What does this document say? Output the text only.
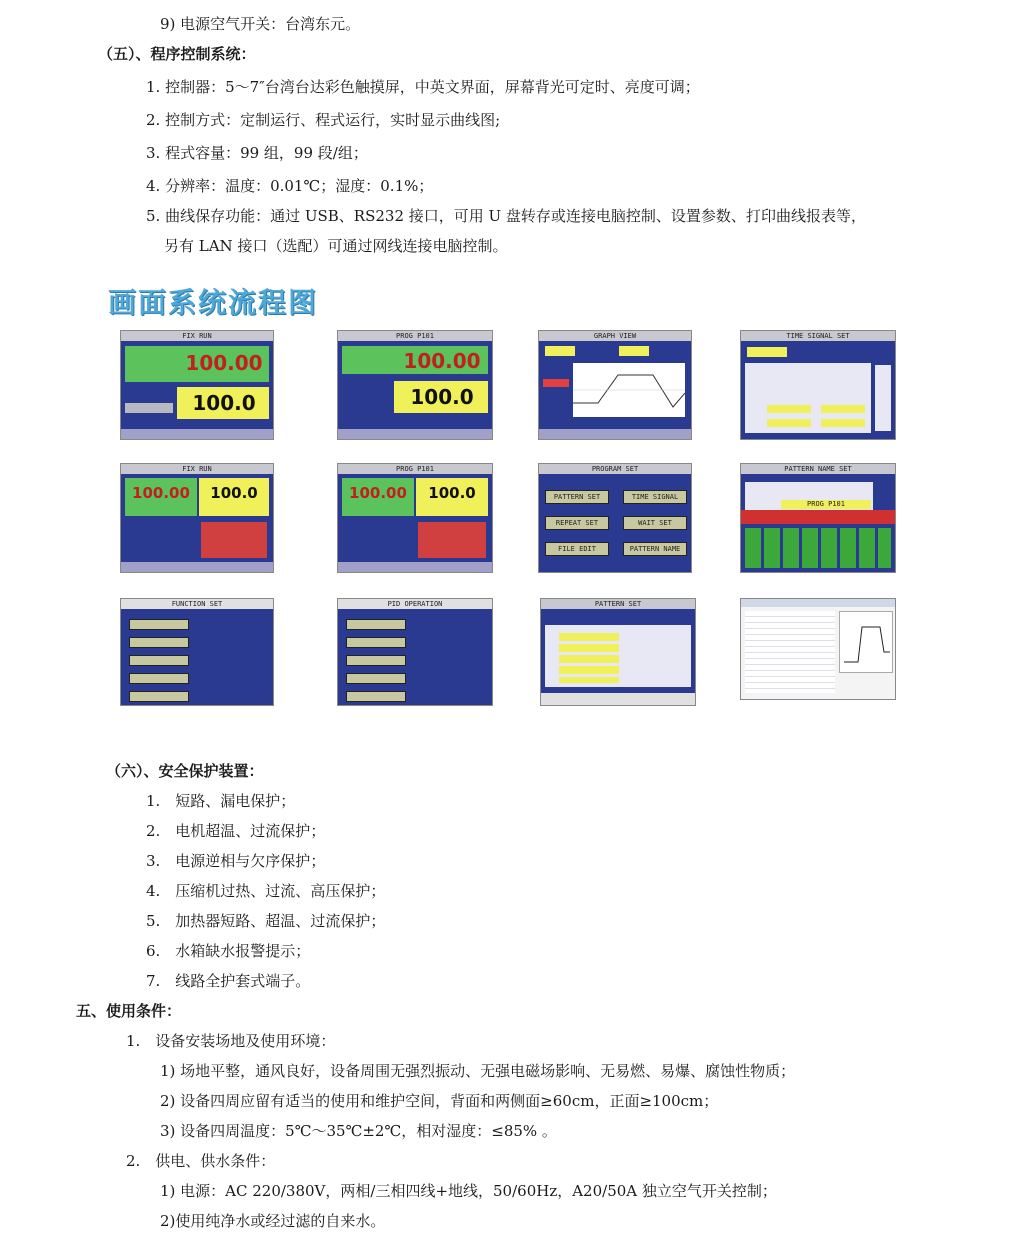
9) 电源空气开关：台湾东元。
（五）、程序控制系统：
1. 控制器：5～7″台湾台达彩色触摸屏，中英文界面，屏幕背光可定时、亮度可调；
2. 控制方式：定制运行、程式运行，实时显示曲线图;
3. 程式容量：99 组，99 段/组；
4. 分辨率：温度：0.01℃；湿度：0.1%；
5. 曲线保存功能：通过 USB、RS232 接口，可用 U 盘转存或连接电脑控制、设置参数、打印曲线报表等，
另有 LAN 接口（选配）可通过网线连接电脑控制。
画面系统流程图
FIX RUN
100.00
100.0
PROG P101
100.00
100.0
GRAPH VIEW	TIME SIGNAL SET
FIX RUN
100.00	100.0
PROG P101
100.00	100.0
PROGRAM SET
PATTERN SET	TIME SIGNAL
REPEAT SET	WAIT SET
FILE EDIT	PATTERN NAME
PATTERN NAME SET
PROG P101
FUNCTION SET	PID OPERATION	PATTERN SET
（六）、安全保护装置：
1.　短路、漏电保护；
2.　电机超温、过流保护；
3.　电源逆相与欠序保护；
4.　压缩机过热、过流、高压保护；
5.　加热器短路、超温、过流保护；
6.　水箱缺水报警提示；
7.　线路全护套式端子。
五、使用条件：
1.　设备安装场地及使用环境：
1) 场地平整，通风良好，设备周围无强烈振动、无强电磁场影响、无易燃、易爆、腐蚀性物质；
2) 设备四周应留有适当的使用和维护空间，背面和两侧面≥60cm，正面≥100cm；
3) 设备四周温度：5℃～35℃±2℃，相对湿度：≤85% 。
2.　供电、供水条件：
1) 电源：AC 220/380V，两相/三相四线+地线，50/60Hz，A20/50A 独立空气开关控制；
2)使用纯净水或经过滤的自来水。
